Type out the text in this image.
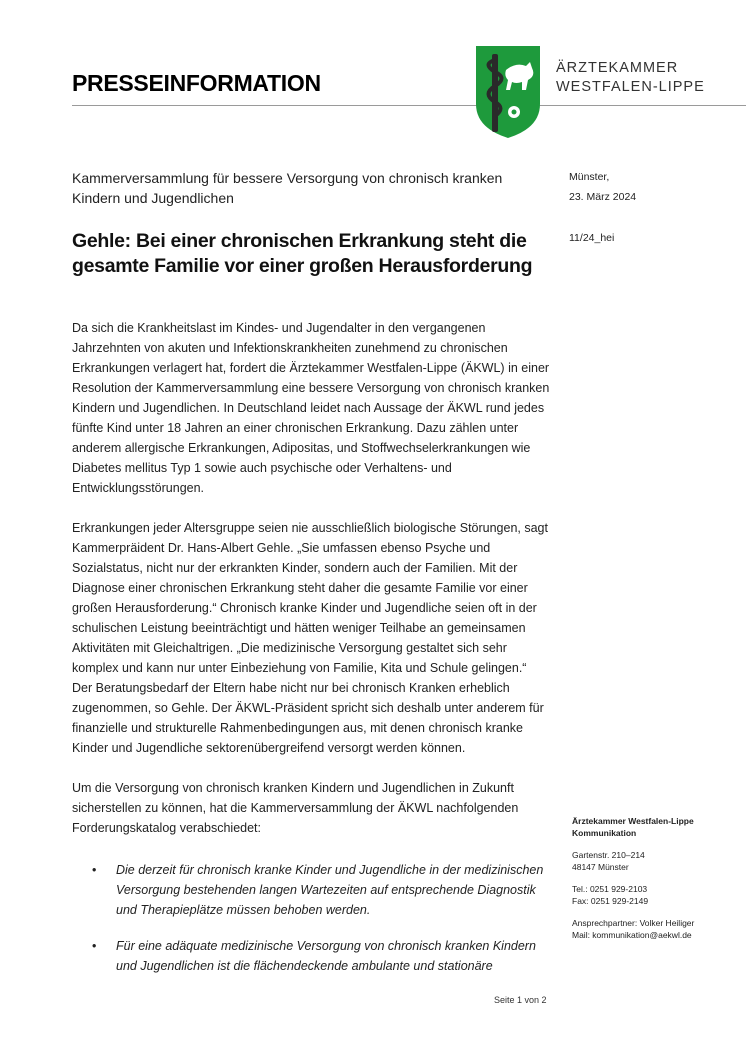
PRESSEINFORMATION
ÄRZTEKAMMER
WESTFALEN-LIPPE
Kammerversammlung für bessere Versorgung von chronisch kranken Kindern und Jugendlichen
Gehle: Bei einer chronischen Erkrankung steht die gesamte Familie vor einer großen Herausforderung
Münster,
23. März 2024
11/24_hei

Da sich die Krankheitslast im Kindes- und Jugendalter in den vergangenen Jahrzehnten von akuten und Infektionskrankheiten zunehmend zu chronischen Erkrankungen verlagert hat, fordert die Ärztekammer Westfalen-Lippe (ÄKWL) in einer Resolution der Kammerversammlung eine bessere Versorgung von chronisch kranken Kindern und Jugendlichen. In Deutschland leidet nach Aussage der ÄKWL rund jedes fünfte Kind unter 18 Jahren an einer chronischen Erkrankung. Dazu zählen unter anderem allergische Erkrankungen, Adipositas, und Stoffwechselerkrankungen wie Diabetes mellitus Typ 1 sowie auch psychische oder Verhaltens- und Entwicklungsstörungen.

Erkrankungen jeder Altersgruppe seien nie ausschließlich biologische Störungen, sagt Kammerpräident Dr. Hans-Albert Gehle. „Sie umfassen ebenso Psyche und Sozialstatus, nicht nur der erkrankten Kinder, sondern auch der Familien. Mit der Diagnose einer chronischen Erkrankung steht daher die gesamte Familie vor einer großen Herausforderung.“ Chronisch kranke Kinder und Jugendliche seien oft in der schulischen Leistung beeinträchtigt und hätten weniger Teilhabe an gemeinsamen Aktivitäten mit Gleichaltrigen. „Die medizinische Versorgung gestaltet sich sehr komplex und kann nur unter Einbeziehung von Familie, Kita und Schule gelingen.“ Der Beratungsbedarf der Eltern habe nicht nur bei chronisch Kranken erheblich zugenommen, so Gehle. Der ÄKWL-Präsident spricht sich deshalb unter anderem für finanzielle und strukturelle Rahmenbedingungen aus, mit denen chronisch kranke Kinder und Jugendliche sektorenübergreifend versorgt werden können.

Um die Versorgung von chronisch kranken Kindern und Jugendlichen in Zukunft sicherstellen zu können, hat die Kammerversammlung der ÄKWL nachfolgenden Forderungskatalog verabschiedet:

• Die derzeit für chronisch kranke Kinder und Jugendliche in der medizinischen Versorgung bestehenden langen Wartezeiten auf entsprechende Diagnostik und Therapieplätze müssen behoben werden.
• Für eine adäquate medizinische Versorgung von chronisch kranken Kindern und Jugendlichen ist die flächendeckende ambulante und stationäre
Ärztekammer Westfalen-Lippe
Kommunikation
Gartenstr. 210–214
48147 Münster
Tel.: 0251 929-2103
Fax: 0251 929-2149
Ansprechpartner: Volker Heiliger
Mail: kommunikation@aekwl.de
Seite 1 von 2
